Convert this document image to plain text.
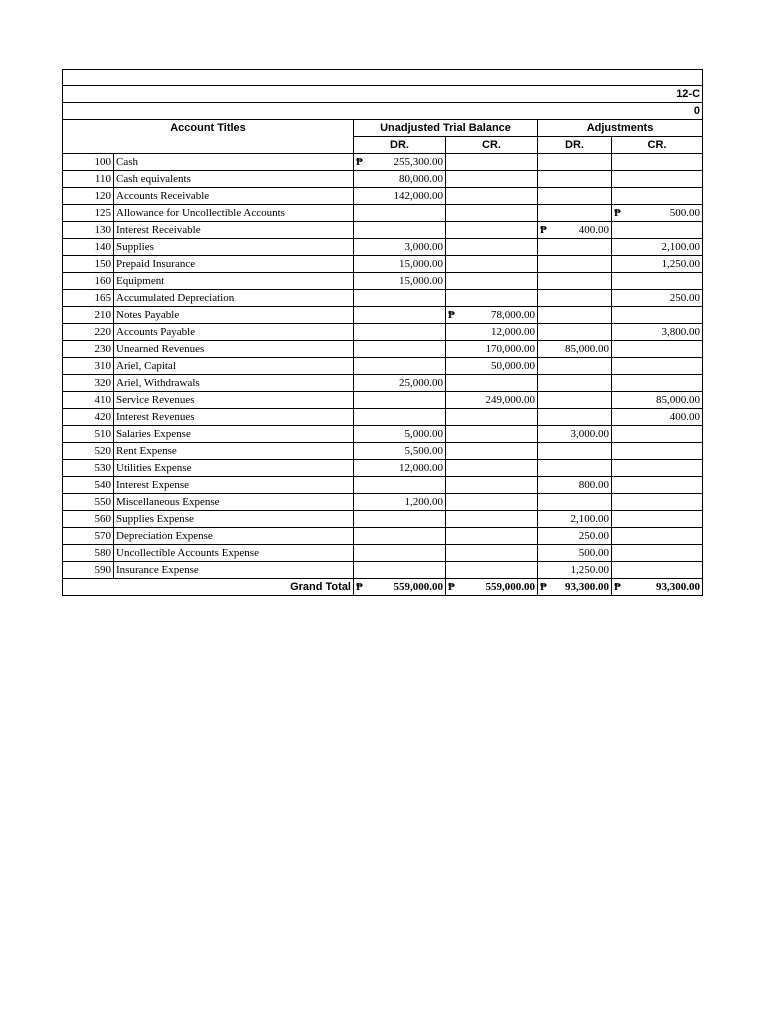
12-C					
0					
Account Titles		Unadjusted Trial Balance		Adjustments	
		DR.	CR.	DR.	CR.
100	Cash	₱ 255,300.00			
110	Cash equivalents	80,000.00			
120	Accounts Receivable	142,000.00			
125	Allowance for Uncollectible Accounts				₱ 500.00
130	Interest Receivable			₱ 400.00	
140	Supplies	3,000.00			2,100.00
150	Prepaid Insurance	15,000.00			1,250.00
160	Equipment	15,000.00			
165	Accumulated Depreciation				250.00
210	Notes Payable		₱ 78,000.00		
220	Accounts Payable		12,000.00		3,800.00
230	Unearned Revenues		170,000.00	85,000.00	
310	Ariel, Capital		50,000.00		
320	Ariel, Withdrawals	25,000.00			
410	Service Revenues		249,000.00		85,000.00
420	Interest Revenues				400.00
510	Salaries Expense	5,000.00		3,000.00	
520	Rent Expense	5,500.00			
530	Utilities Expense	12,000.00			
540	Interest Expense			800.00	
550	Miscellaneous Expense	1,200.00			
560	Supplies Expense			2,100.00	
570	Depreciation Expense			250.00	
580	Uncollectible Accounts Expense			500.00	
590	Insurance Expense			1,250.00	
Grand Total		₱ 559,000.00	₱ 559,000.00	₱ 93,300.00	₱ 93,300.00
